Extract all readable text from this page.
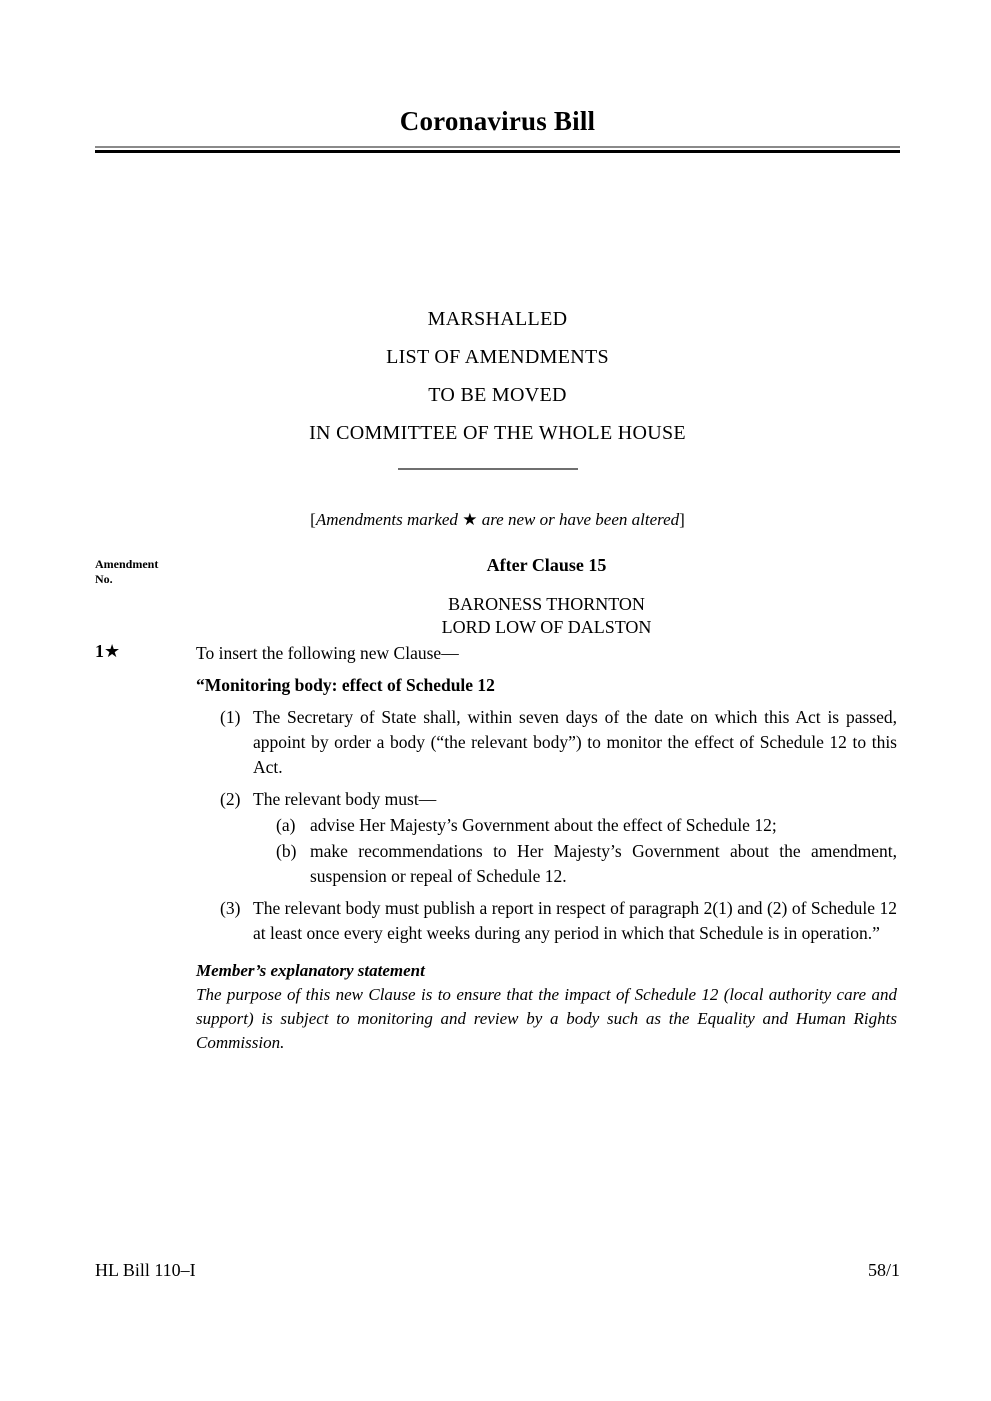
Coronavirus Bill
MARSHALLED
LIST OF AMENDMENTS
TO BE MOVED
IN COMMITTEE OF THE WHOLE HOUSE
[Amendments marked ★ are new or have been altered]
Amendment
No.
After Clause 15
BARONESS THORNTON
LORD LOW OF DALSTON
1★	To insert the following new Clause—
“Monitoring body: effect of Schedule 12
(1) The Secretary of State shall, within seven days of the date on which this Act is passed, appoint by order a body (“the relevant body”) to monitor the effect of Schedule 12 to this Act.
(2) The relevant body must—
(a) advise Her Majesty’s Government about the effect of Schedule 12;
(b) make recommendations to Her Majesty’s Government about the amendment, suspension or repeal of Schedule 12.
(3) The relevant body must publish a report in respect of paragraph 2(1) and (2) of Schedule 12 at least once every eight weeks during any period in which that Schedule is in operation.”
Member’s explanatory statement
The purpose of this new Clause is to ensure that the impact of Schedule 12 (local authority care and support) is subject to monitoring and review by a body such as the Equality and Human Rights Commission.
HL Bill 110–I	58/1
